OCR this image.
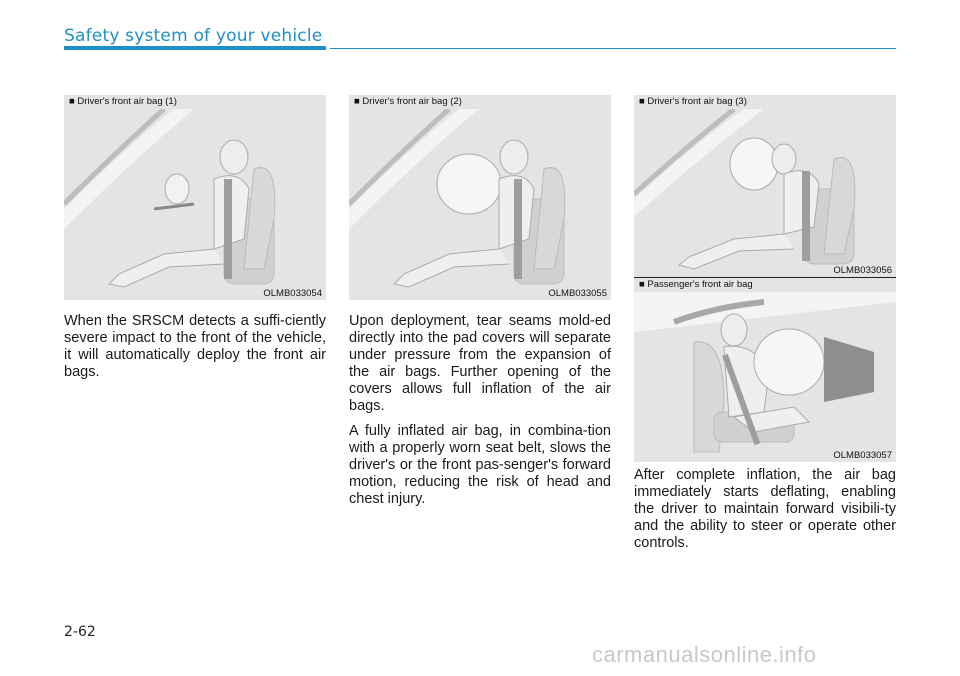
Safety system of your vehicle
■ Driver's front air bag (1)
OLMB033054
■ Driver's front air bag (2)
OLMB033055
■ Driver's front air bag (3)
OLMB033056
■ Passenger's front air bag
OLMB033057

When the SRSCM detects a suffi-ciently severe impact to the front of the vehicle, it will automatically deploy the front air bags.

Upon deployment, tear seams mold-ed directly into the pad covers will separate under pressure from the expansion of the air bags. Further opening of the covers allows full inflation of the air bags.

A fully inflated air bag, in combina-tion with a properly worn seat belt, slows the driver's or the front pas-senger's forward motion, reducing the risk of head and chest injury.

After complete inflation, the air bag immediately starts deflating, enabling the driver to maintain forward visibili-ty and the ability to steer or operate other controls.

2-62
carmanualsonline.info
